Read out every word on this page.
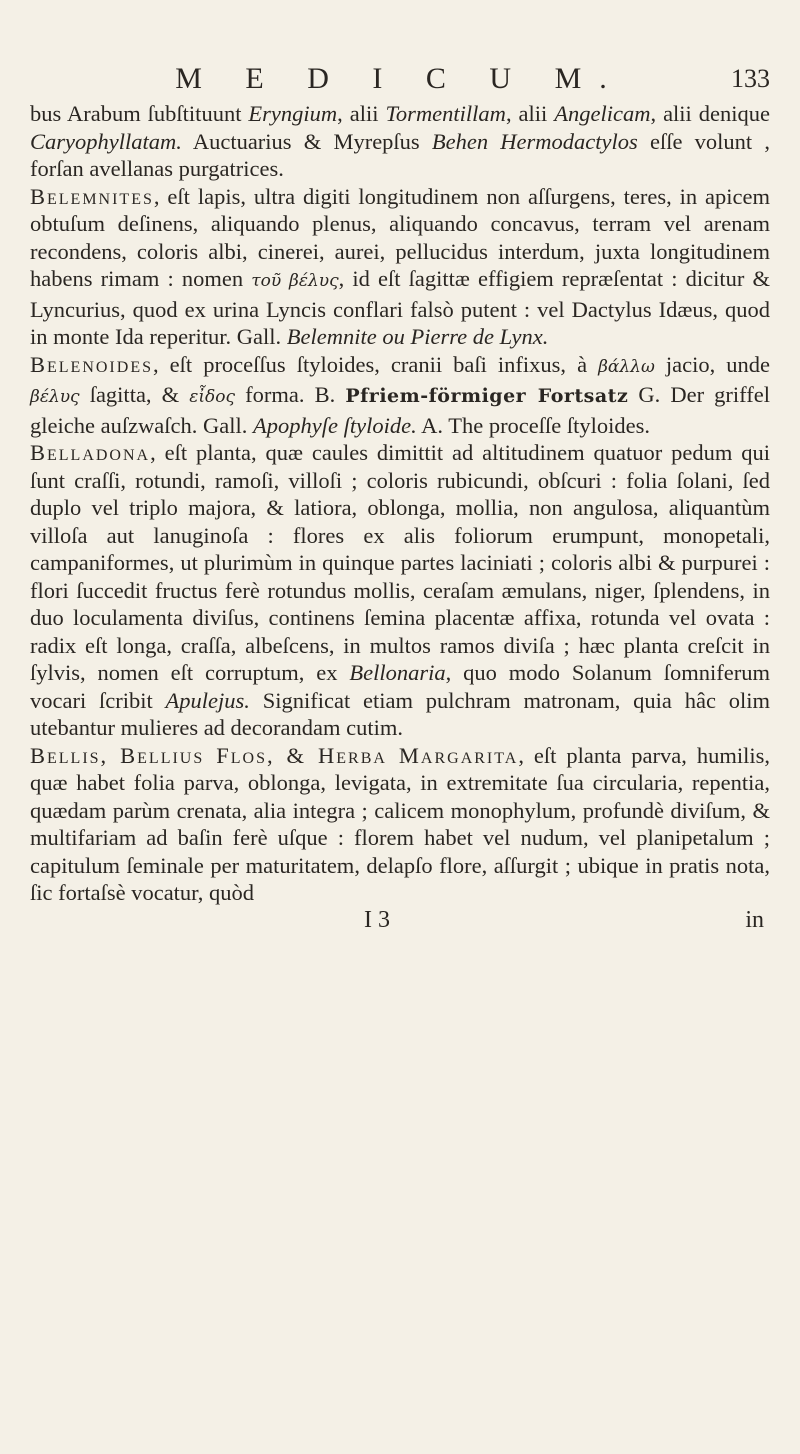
M E D I C U M.	133

bus Arabum ſubſtituunt Eryngium, alii Tormentillam, alii Angelicam, alii denique Caryophyllatam. Auctuarius & Myrepſus Behen Hermodactylos eſſe volunt , forſan avellanas purgatrices.

Belemnites, eſt lapis, ultra digiti longitudinem non aſſurgens, teres, in apicem obtuſum deſinens, aliquando plenus, aliquando concavus, terram vel arenam recondens, coloris albi, cinerei, aurei, pellucidus interdum, juxta longitudinem habens rimam : nomen τοῦ βέλυς, id eſt ſagittæ effigiem repræſentat : dicitur & Lyncurius, quod ex urina Lyncis conflari falsò putent : vel Dactylus Idæus, quod in monte Ida reperitur. Gall. Belemnite ou Pierre de Lynx.

Belenoides, eſt proceſſus ſtyloides, cranii baſi infixus, à βάλλω jacio, unde βέλυς ſagitta, & εἶδος forma. B. Pfriem-förmiger Fortsatz G. Der griffel gleiche auſzwaſch. Gall. Apophyſe ſtyloide. A. The proceſſe ſtyloides.

Belladona, eſt planta, quæ caules dimittit ad altitudinem quatuor pedum qui ſunt craſſi, rotundi, ramoſi, villoſi ; coloris rubicundi, obſcuri : folia ſolani, ſed duplo vel triplo majora, & latiora, oblonga, mollia, non angulosa, aliquantùm villoſa aut lanuginoſa : flores ex alis foliorum erumpunt, monopetali, campaniformes, ut plurimùm in quinque partes laciniati ; coloris albi & purpurei : flori ſuccedit fructus ferè rotundus mollis, ceraſam æmulans, niger, ſplendens, in duo loculamenta diviſus, continens ſemina placentæ affixa, rotunda vel ovata : radix eſt longa, craſſa, albeſcens, in multos ramos diviſa ; hæc planta creſcit in ſylvis, nomen eſt corruptum, ex Bellonaria, quo modo Solanum ſomniferum vocari ſcribit Apulejus. Significat etiam pulchram matronam, quia hâc olim utebantur mulieres ad decorandam cutim.

Bellis, Bellius Flos, & Herba Margarita, eſt planta parva, humilis, quæ habet folia parva, oblonga, levigata, in extremitate ſua circularia, repentia, quædam parùm crenata, alia integra ; calicem monophylum, profundè diviſum, & multifariam ad baſin ferè uſque : florem habet vel nudum, vel planipetalum ; capitulum ſeminale per maturitatem, delapſo flore, aſſurgit ; ubique in pratis nota, ſic fortaſsè vocatur, quòd

I 3	in
